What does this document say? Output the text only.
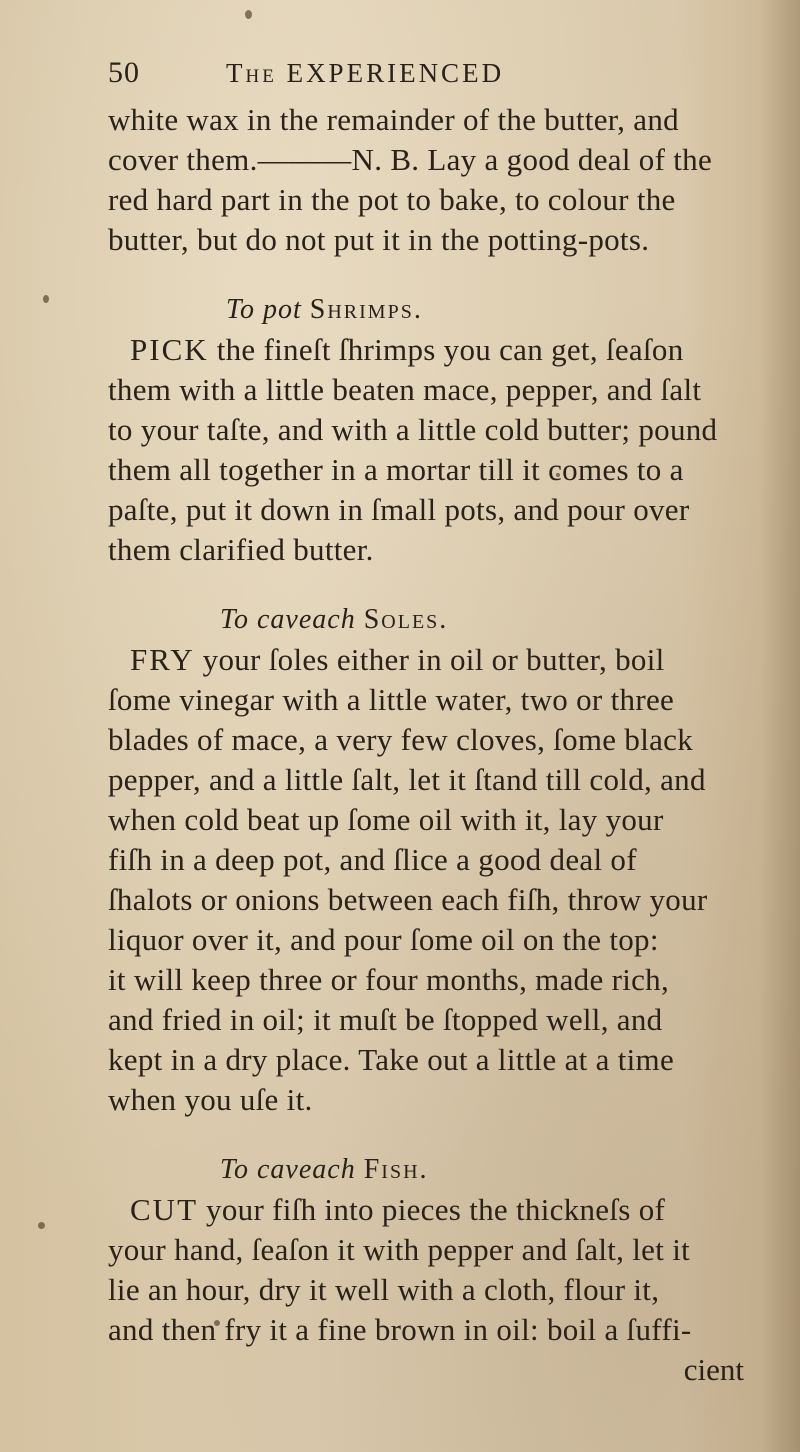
50	The EXPERIENCED
white wax in the remainder of the butter, and
cover them.———N. B. Lay a good deal of the
red hard part in the pot to bake, to colour the
butter, but do not put it in the potting-pots.
To pot Shrimps.
PICK the fineſt ſhrimps you can get, ſeaſon
them with a little beaten mace, pepper, and ſalt
to your taſte, and with a little cold butter; pound
them all together in a mortar till it comes to a
paſte, put it down in ſmall pots, and pour over
them clarified butter.
To caveach Soles.
FRY your ſoles either in oil or butter, boil
ſome vinegar with a little water, two or three
blades of mace, a very few cloves, ſome black
pepper, and a little ſalt, let it ſtand till cold, and
when cold beat up ſome oil with it, lay your
fiſh in a deep pot, and ſlice a good deal of
ſhalots or onions between each fiſh, throw your
liquor over it, and pour ſome oil on the top:
it will keep three or four months, made rich,
and fried in oil; it muſt be ſtopped well, and
kept in a dry place. Take out a little at a time
when you uſe it.
To caveach Fish.
CUT your fiſh into pieces the thickneſs of
your hand, ſeaſon it with pepper and ſalt, let it
lie an hour, dry it well with a cloth, flour it,
and then fry it a fine brown in oil: boil a ſuffi-
cient
